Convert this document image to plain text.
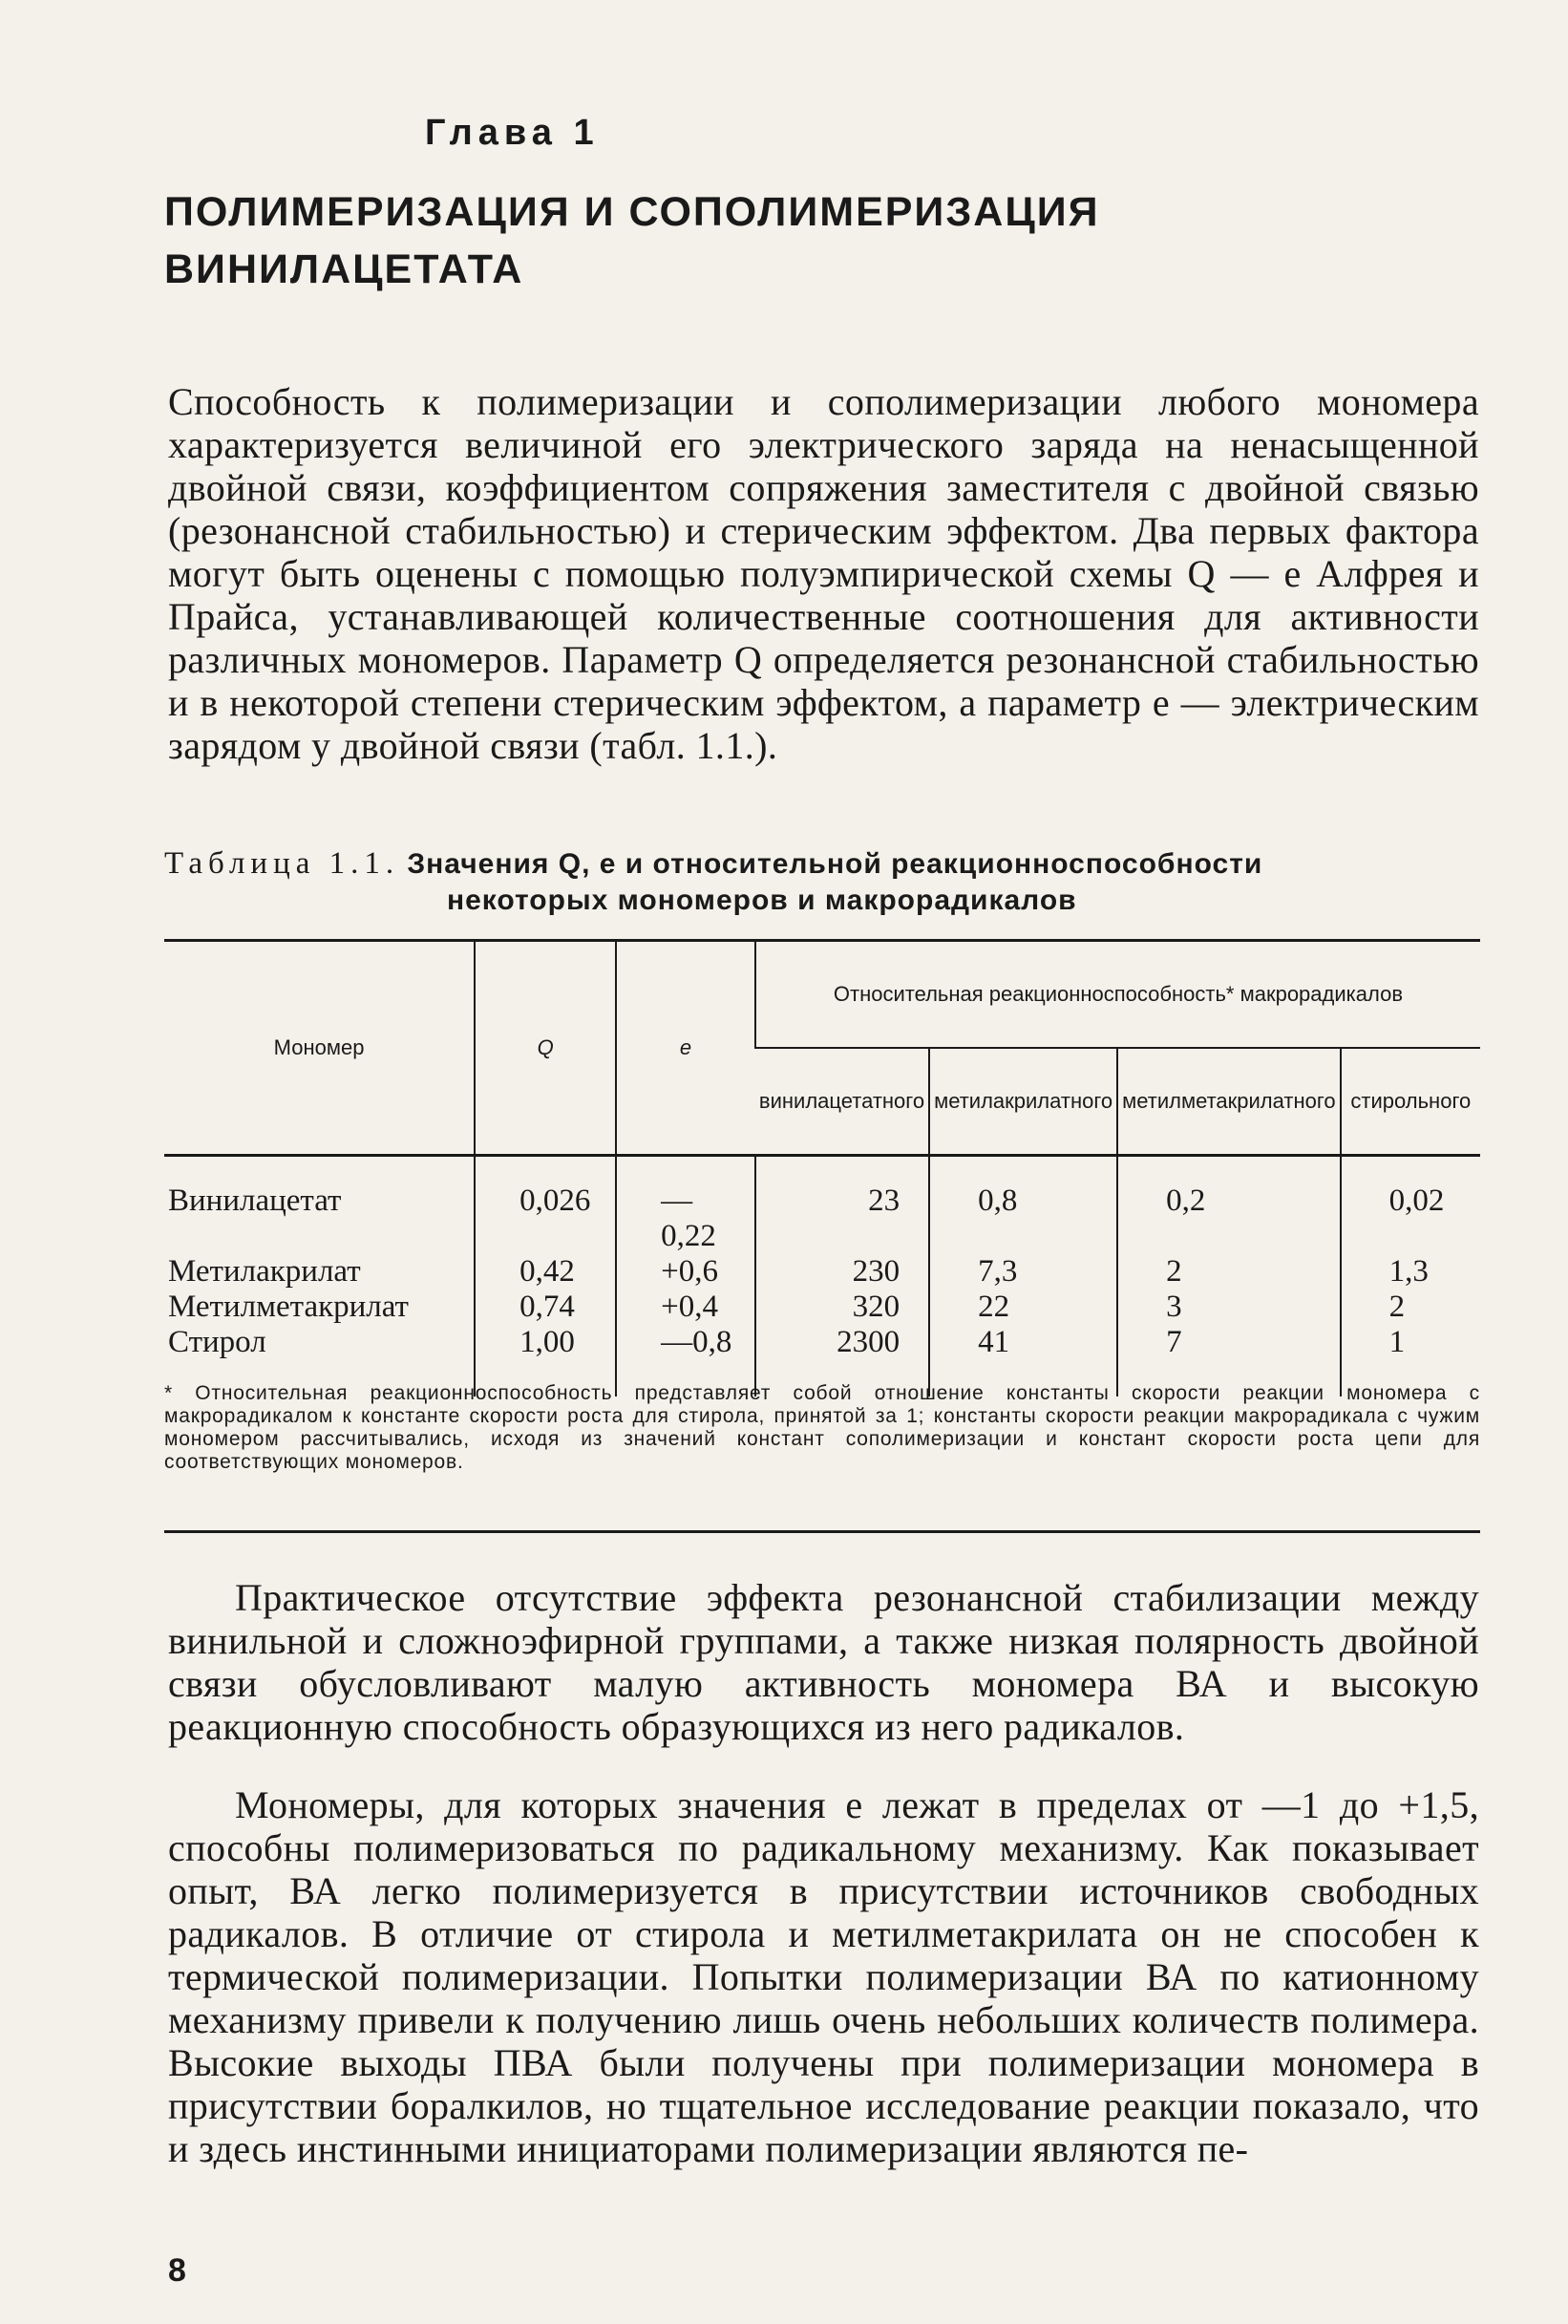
Глава 1
ПОЛИМЕРИЗАЦИЯ И СОПОЛИМЕРИЗАЦИЯ ВИНИЛАЦЕТАТА

Способность к полимеризации и сополимеризации любого мономера характеризуется величиной его электрического заряда на ненасыщенной двойной связи, коэффициентом сопряжения заместителя с двойной связью (резонансной стабильностью) и стерическим эффектом. Два первых фактора могут быть оценены с помощью полуэмпирической схемы Q — e Алфрея и Прайса, устанавливающей количественные соотношения для активности различных мономеров. Параметр Q определяется резонансной стабильностью и в некоторой степени стерическим эффектом, а параметр e — электрическим зарядом у двойной связи (табл. 1.1.).

Таблица 1.1. Значения Q, e и относительной реакционноспособности
некоторых мономеров и макрорадикалов
Мономер	Q	e	Относительная реакционноспособность* макрорадикалов			
			винилацетатного	метилакрилатного	метилметакрилатного	стирольного
Винилацетат	0,026	—0,22	23	0,8	0,2	0,02
Метилакрилат	0,42	+0,6	230	7,3	2	1,3
Метилметакрилат	0,74	+0,4	320	22	3	2
Стирол	1,00	—0,8	2300	41	7	1
* Относительная реакционноспособность представляет собой отношение константы скорости реакции мономера с макрорадикалом к константе скорости роста для стирола, принятой за 1; константы скорости реакции макрорадикала с чужим мономером рассчитывались, исходя из значений констант сополимеризации и констант скорости роста цепи для соответствующих мономеров.

Практическое отсутствие эффекта резонансной стабилизации между винильной и сложноэфирной группами, а также низкая полярность двойной связи обусловливают малую активность мономера ВА и высокую реакционную способность образующихся из него радикалов.

Мономеры, для которых значения e лежат в пределах от —1 до +1,5, способны полимеризоваться по радикальному механизму. Как показывает опыт, ВА легко полимеризуется в присутствии источников свободных радикалов. В отличие от стирола и метилметакрилата он не способен к термической полимеризации. Попытки полимеризации ВА по катионному механизму привели к получению лишь очень небольших количеств полимера. Высокие выходы ПВА были получены при полимеризации мономера в присутствии боралкилов, но тщательное исследование реакции показало, что и здесь инстинными инициаторами полимеризации являются пе-

8
